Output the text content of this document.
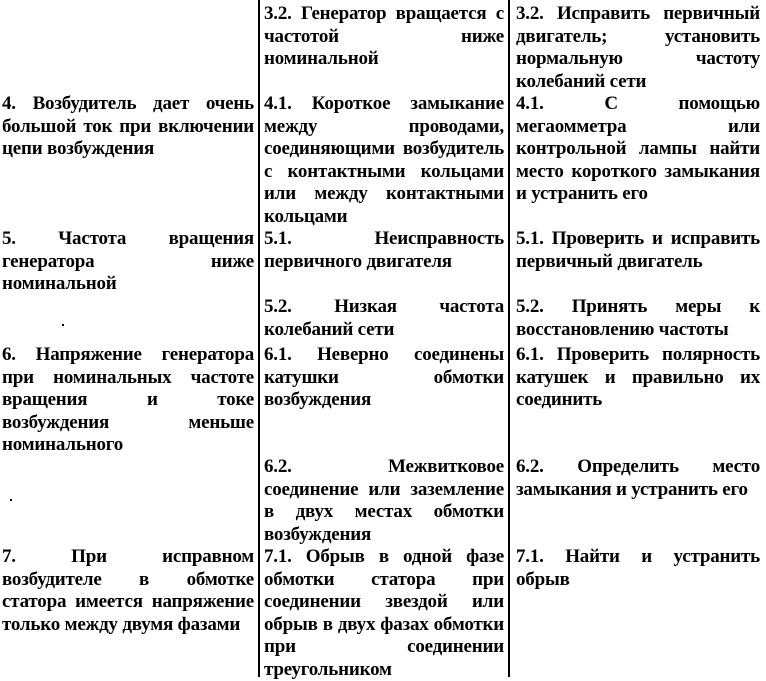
3.2. Генератор вращается с частотой ниже номинальной
3.2. Исправить первичный двигатель; установить нормальную частоту колебаний сети
4. Возбудитель дает очень большой ток при включении цепи возбуждения
4.1. Короткое замыкание между проводами, соединяющими возбудитель с контактными кольцами или между контактными кольцами
4.1. С помощью мегаомметра или контрольной лампы найти место короткого замыкания и устранить его
5. Частота вращения генератора ниже номинальной
5.1. Неисправность первичного двигателя
5.1. Проверить и исправить первичный двигатель
5.2. Низкая частота колебаний сети
5.2. Принять меры к восстановлению частоты
6. Напряжение генератора при номинальных частоте вращения и токе возбуждения меньше номинального
6.1. Неверно соединены катушки обмотки возбуждения
6.1. Проверить полярность катушек и правильно их соединить
6.2. Межвитковое соединение или заземление в двух местах обмотки возбуждения
6.2. Определить место замыкания и устранить его
7. При исправном возбудителе в обмотке статора имеется напряжение только между двумя фазами
7.1. Обрыв в одной фазе обмотки статора при соединении звездой или обрыв в двух фазах обмотки при соединении треугольником
7.1. Найти и устранить обрыв
